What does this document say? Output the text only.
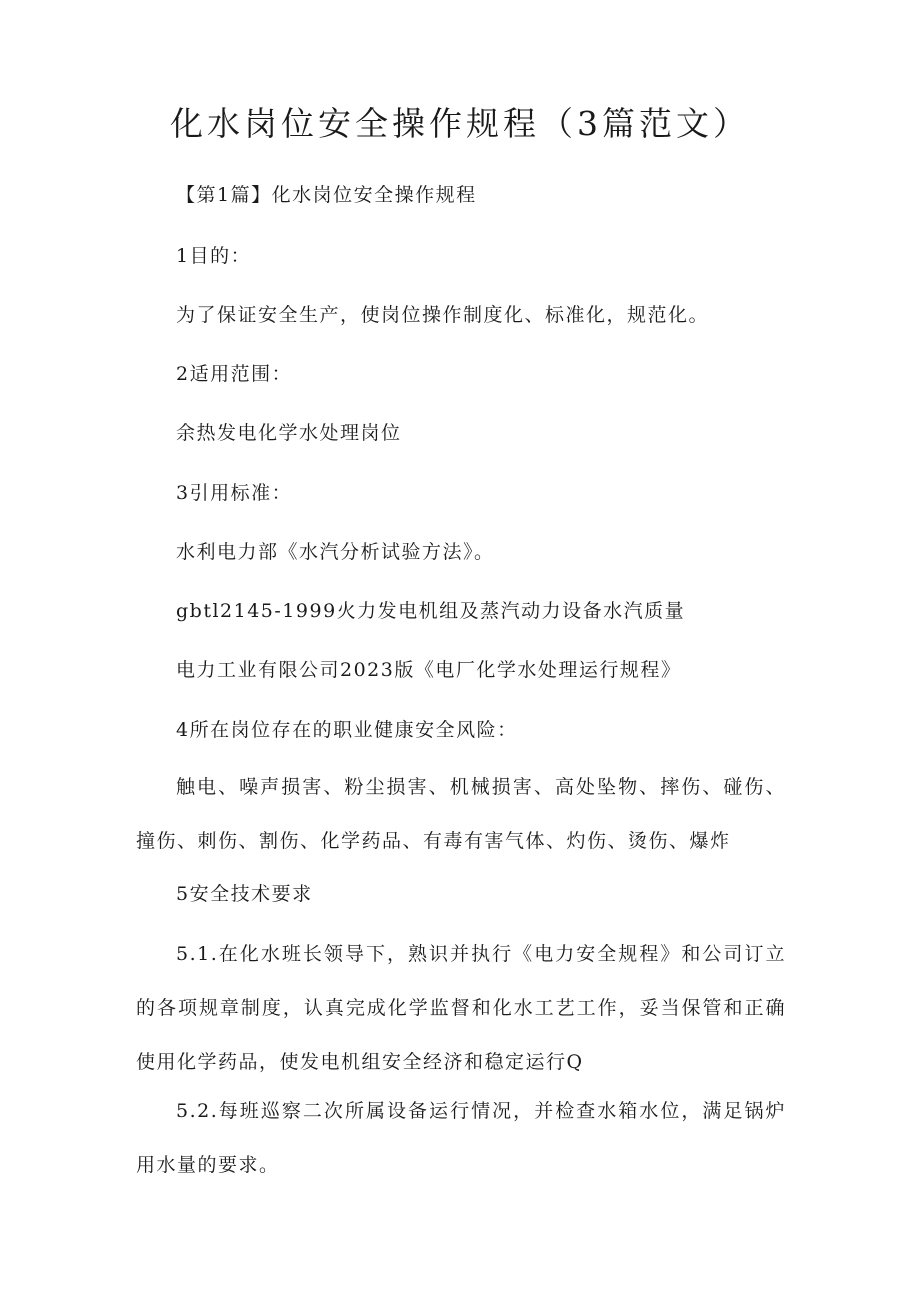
化水岗位安全操作规程（3篇范文）
【第1篇】化水岗位安全操作规程
1目的：
为了保证安全生产，使岗位操作制度化、标准化，规范化。
2适用范围：
余热发电化学水处理岗位
3引用标准：
水利电力部《水汽分析试验方法》。
gbtl2145-1999火力发电机组及蒸汽动力设备水汽质量
电力工业有限公司2023版《电厂化学水处理运行规程》
4所在岗位存在的职业健康安全风险：
触电、噪声损害、粉尘损害、机械损害、高处坠物、摔伤、碰伤、撞伤、刺伤、割伤、化学药品、有毒有害气体、灼伤、烫伤、爆炸
5安全技术要求
5.1.在化水班长领导下，熟识并执行《电力安全规程》和公司订立的各项规章制度，认真完成化学监督和化水工艺工作，妥当保管和正确使用化学药品，使发电机组安全经济和稳定运行Q
5.2.每班巡察二次所属设备运行情况，并检查水箱水位，满足锅炉用水量的要求。
